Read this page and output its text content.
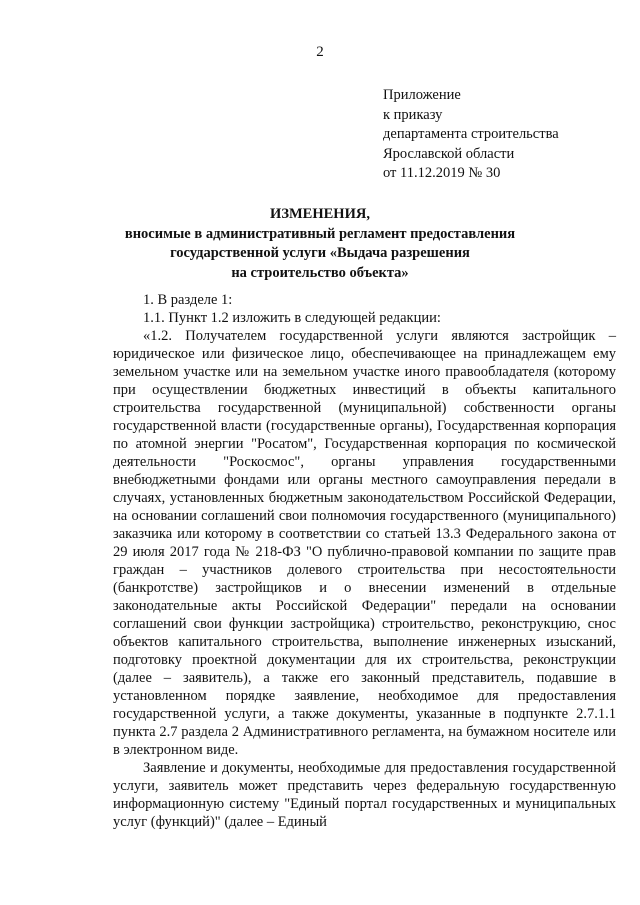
2
Приложение
к приказу
департамента строительства
Ярославской области
от 11.12.2019 № 30
ИЗМЕНЕНИЯ,
вносимые в административный регламент предоставления
государственной услуги «Выдача разрешения
на строительство объекта»

1. В разделе 1:

1.1. Пункт 1.2 изложить в следующей редакции:

«1.2. Получателем государственной услуги являются застройщик – юридическое или физическое лицо, обеспечивающее на принадлежащем ему земельном участке или на земельном участке иного правообладателя (которому при осуществлении бюджетных инвестиций в объекты капитального строительства государственной (муниципальной) собственности органы государственной власти (государственные органы), Государственная корпорация по атомной энергии "Росатом", Государственная корпорация по космической деятельности "Роскосмос", органы управления государственными внебюджетными фондами или органы местного самоуправления передали в случаях, установленных бюджетным законодательством Российской Федерации, на основании соглашений свои полномочия государственного (муниципального) заказчика или которому в соответствии со статьей 13.3 Федерального закона от 29 июля 2017 года № 218-ФЗ "О публично-правовой компании по защите прав граждан – участников долевого строительства при несостоятельности (банкротстве) застройщиков и о внесении изменений в отдельные законодательные акты Российской Федерации" передали на основании соглашений свои функции застройщика) строительство, реконструкцию, снос объектов капитального строительства, выполнение инженерных изысканий, подготовку проектной документации для их строительства, реконструкции (далее – заявитель), а также его законный представитель, подавшие в установленном порядке заявление, необходимое для предоставления государственной услуги, а также документы, указанные в подпункте 2.7.1.1 пункта 2.7 раздела 2 Административного регламента, на бумажном носителе или в электронном виде.

Заявление и документы, необходимые для предоставления государственной услуги, заявитель может представить через федеральную государственную информационную систему "Единый портал государственных и муниципальных услуг (функций)" (далее – Единый
